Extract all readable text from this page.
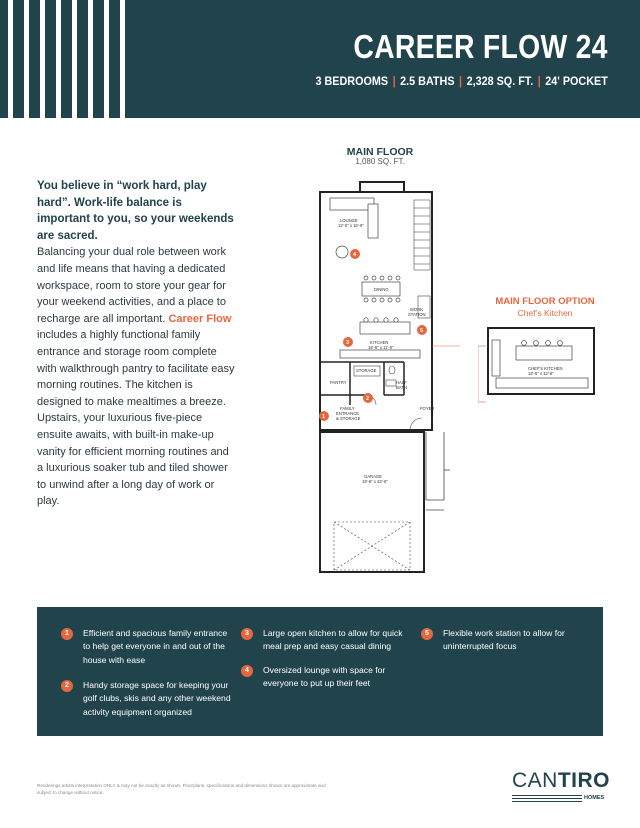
CAREER FLOW 24
3 BEDROOMS | 2.5 BATHS | 2,328 SQ. FT. | 24' POCKET
You believe in “work hard, play hard”. Work-life balance is important to you, so your weekends are sacred.
Balancing your dual role between work and life means that having a dedicated workspace, room to store your gear for your weekend activities, and a place to recharge are all important. Career Flow includes a highly functional family entrance and storage room complete with walkthrough pantry to facilitate easy morning routines. The kitchen is designed to make mealtimes a breeze. Upstairs, your luxurious five-piece ensuite awaits, with built-in make-up vanity for efficient morning routines and a luxurious soaker tub and tiled shower to unwind after a long day of work or play.
MAIN FLOOR
1,080 SQ. FT.
LOUNGE
12'-0" x 18'-9"
DINING
WORK
STATION
KITCHEN
18'-6" x 11'-8"
PANTRY
STORAGE
HALF
BATH
FAMILY
ENTRANCE
& STORAGE
FOYER
GARAGE
19'-6" x 23'-6"
1
2
3
4
5
MAIN FLOOR OPTION
Chef’s Kitchen
CHEF'S KITCHEN
18'-6" x 12'-8"
1	Efficient and spacious family entrance to help get everyone in and out of the house with ease
2	Handy storage space for keeping your golf clubs, skis and any other weekend activity equipment organized
3	Large open kitchen to allow for quick meal prep and easy casual dining
4	Oversized lounge with space for everyone to put up their feet
5	Flexible work station to allow for uninterrupted focus
Renderings artists interpretation ONLY & may not be exactly as shown. Floorplans, specifications and dimensions shown are approximate and subject to change without notice.
CANTIRO
HOMES
